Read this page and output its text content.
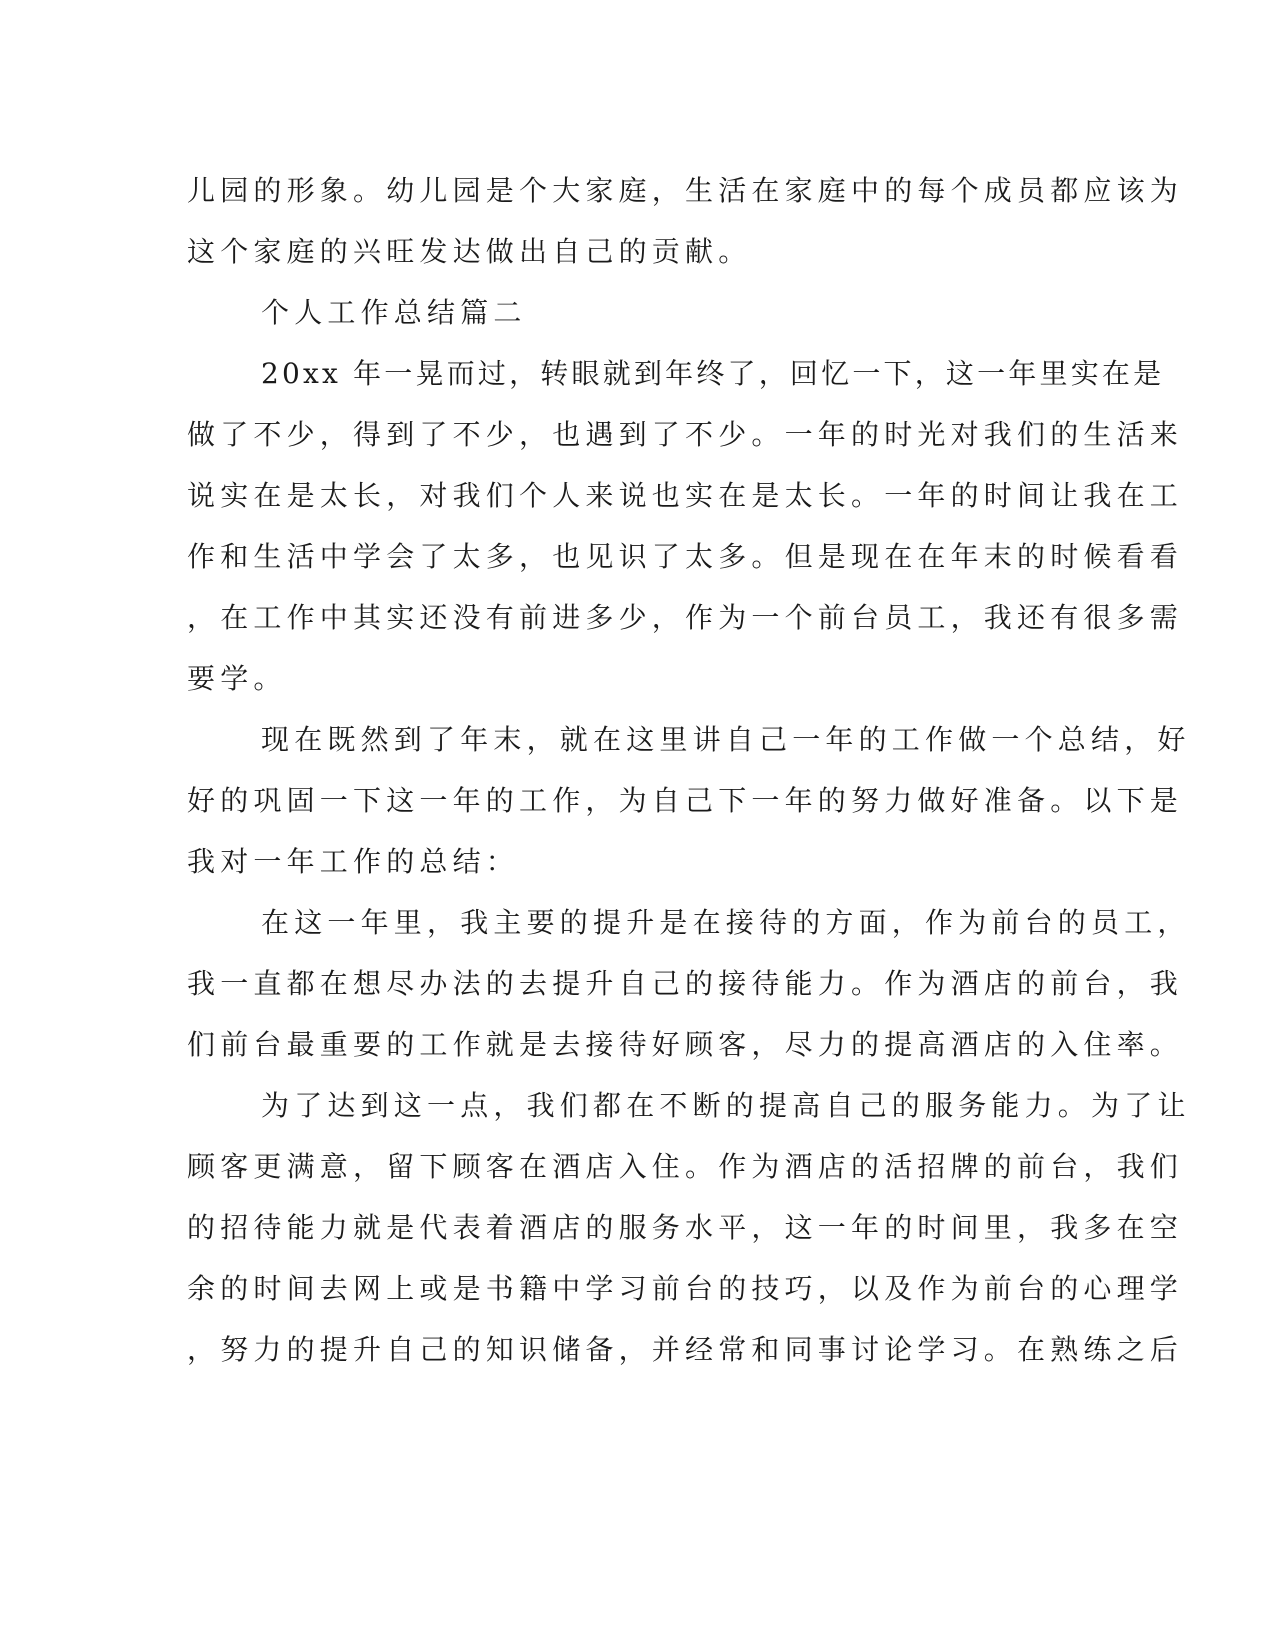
儿园的形象。幼儿园是个大家庭，生活在家庭中的每个成员都应该为
这个家庭的兴旺发达做出自己的贡献。
个人工作总结篇二
20xx 年一晃而过，转眼就到年终了，回忆一下，这一年里实在是
做了不少，得到了不少，也遇到了不少。一年的时光对我们的生活来
说实在是太长，对我们个人来说也实在是太长。一年的时间让我在工
作和生活中学会了太多，也见识了太多。但是现在在年末的时候看看
，在工作中其实还没有前进多少，作为一个前台员工，我还有很多需
要学。
现在既然到了年末，就在这里讲自己一年的工作做一个总结，好
好的巩固一下这一年的工作，为自己下一年的努力做好准备。以下是
我对一年工作的总结：
在这一年里，我主要的提升是在接待的方面，作为前台的员工，
我一直都在想尽办法的去提升自己的接待能力。作为酒店的前台，我
们前台最重要的工作就是去接待好顾客，尽力的提高酒店的入住率。
为了达到这一点，我们都在不断的提高自己的服务能力。为了让
顾客更满意，留下顾客在酒店入住。作为酒店的活招牌的前台，我们
的招待能力就是代表着酒店的服务水平，这一年的时间里，我多在空
余的时间去网上或是书籍中学习前台的技巧，以及作为前台的心理学
，努力的提升自己的知识储备，并经常和同事讨论学习。在熟练之后
